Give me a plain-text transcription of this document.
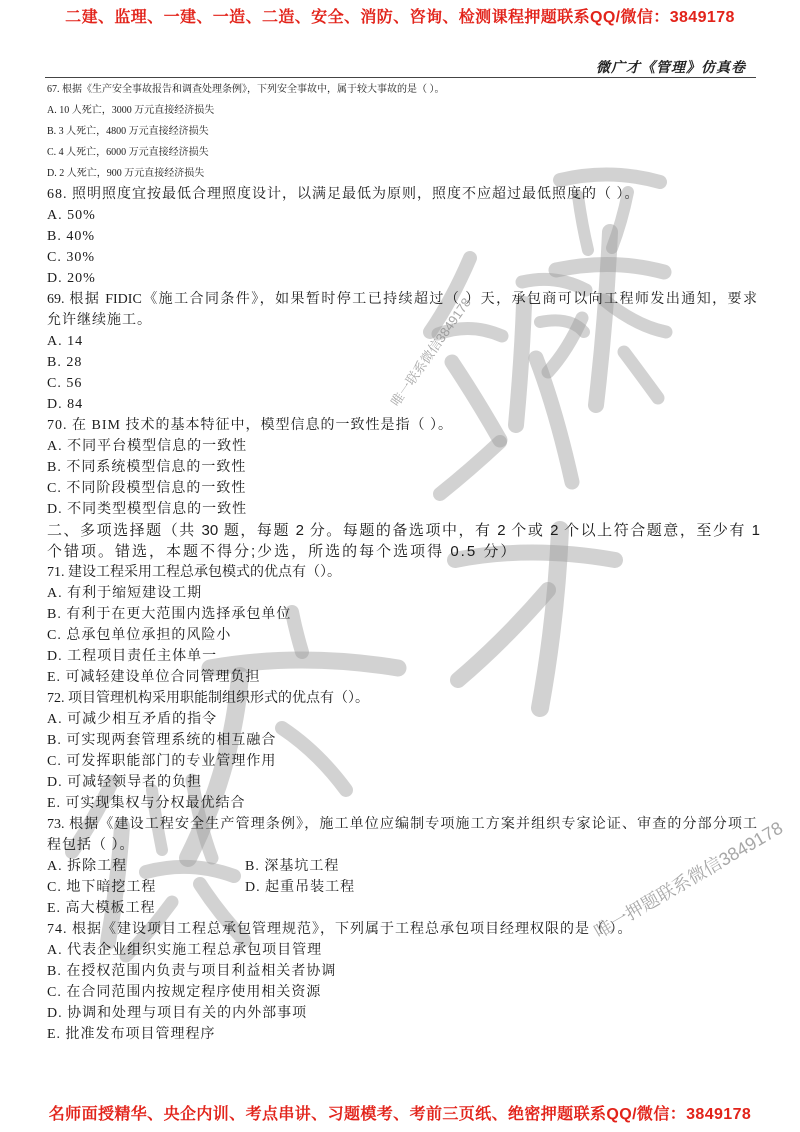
二建、监理、一建、一造、二造、安全、消防、咨询、检测课程押题联系QQ/微信：3849178
微广才《管理》仿真卷
67. 根据《生产安全事故报告和调查处理条例》，下列安全事故中，属于较大事故的是（ ）。
A. 10 人死亡，3000 万元直接经济损失
B. 3 人死亡，4800 万元直接经济损失
C. 4 人死亡，6000 万元直接经济损失
D. 2 人死亡，900 万元直接经济损失
68. 照明照度宜按最低合理照度设计，以满足最低为原则，照度不应超过最低照度的（ ）。
A. 50%
B. 40%
C. 30%
D. 20%
69. 根据 FIDIC《施工合同条件》，如果暂时停工已持续超过（ ）天，承包商可以向工程师发出通知，要求
允许继续施工。
A. 14
B. 28
C. 56
D. 84
70. 在 BIM 技术的基本特征中，模型信息的一致性是指（ ）。
A. 不同平台模型信息的一致性
B. 不同系统模型信息的一致性
C. 不同阶段模型信息的一致性
D. 不同类型模型信息的一致性
二、多项选择题（共 30 题，每题 2 分。每题的备选项中，有 2 个或 2 个以上符合题意，至少有 1
个错项。错选，本题不得分;少选，所选的每个选项得 0.5 分）
71. 建设工程采用工程总承包模式的优点有（）。
A. 有利于缩短建设工期
B. 有利于在更大范围内选择承包单位
C. 总承包单位承担的风险小
D. 工程项目责任主体单一
E. 可减轻建设单位合同管理负担
72. 项目管理机构采用职能制组织形式的优点有（）。
A. 可减少相互矛盾的指令
B. 可实现两套管理系统的相互融合
C. 可发挥职能部门的专业管理作用
D. 可减轻领导者的负担
E. 可实现集权与分权最优结合
73. 根据《建设工程安全生产管理条例》，施工单位应编制专项施工方案并组织专家论证、审查的分部分项工
程包括（ ）。
A. 拆除工程	B. 深基坑工程
C. 地下暗挖工程	D. 起重吊装工程
E. 高大模板工程
74. 根据《建设项目工程总承包管理规范》，下列属于工程总承包项目经理权限的是（ ）。
A. 代表企业组织实施工程总承包项目管理
B. 在授权范围内负责与项目利益相关者协调
C. 在合同范围内按规定程序使用相关资源
D. 协调和处理与项目有关的内外部事项
E. 批准发布项目管理程序
唯一联系微信3849178
唯一押题联系微信3849178
名师面授精华、央企内训、考点串讲、习题模考、考前三页纸、绝密押题联系QQ/微信：3849178
